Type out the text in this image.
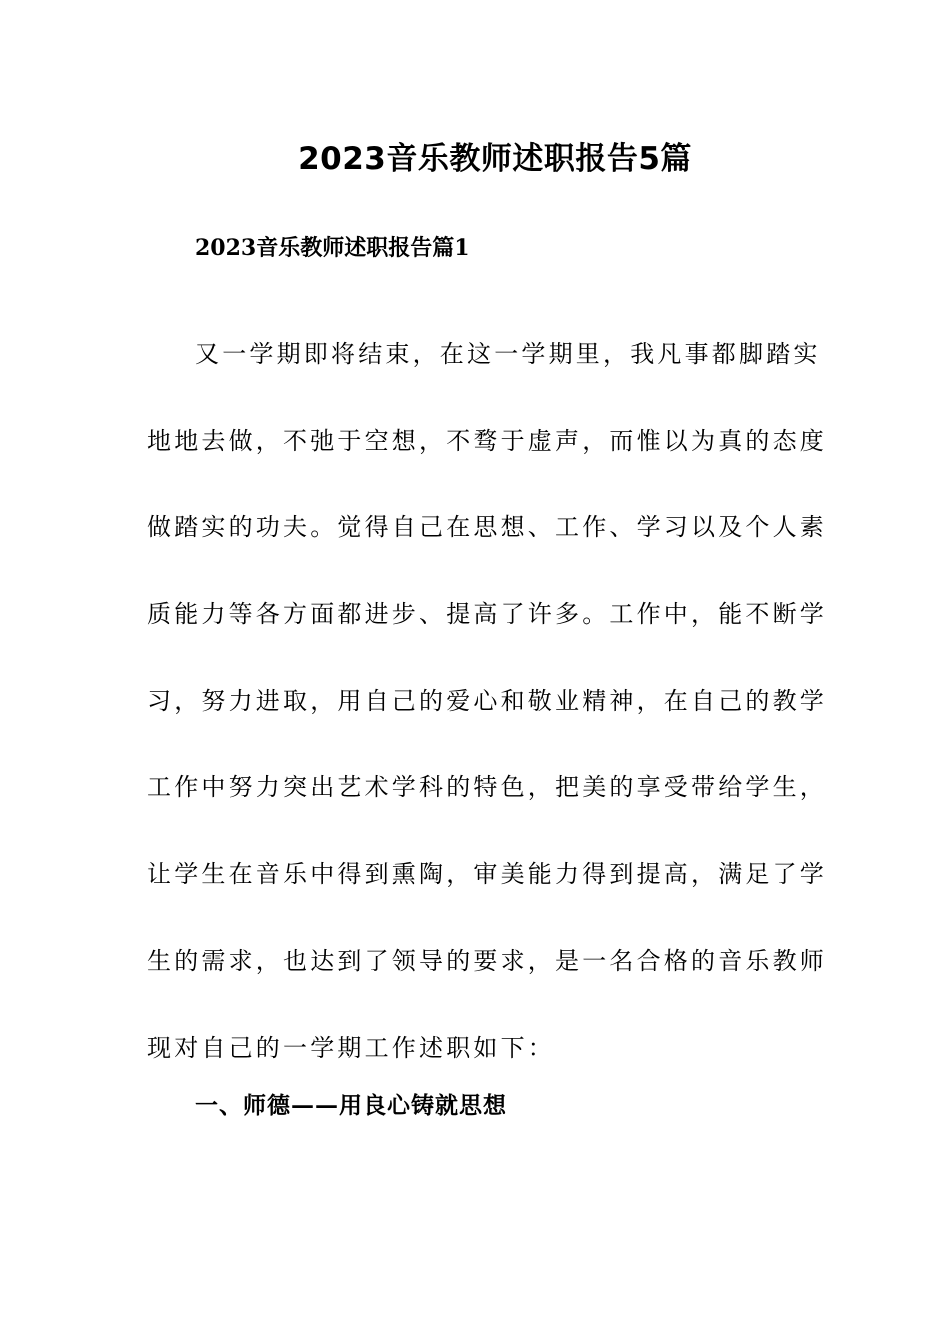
2023音乐教师述职报告5篇
2023音乐教师述职报告篇1
又一学期即将结束，在这一学期里，我凡事都脚踏实
地地去做，不弛于空想，不骛于虚声，而惟以为真的态度
做踏实的功夫。觉得自己在思想、工作、学习以及个人素
质能力等各方面都进步、提高了许多。工作中，能不断学
习，努力进取，用自己的爱心和敬业精神，在自己的教学
工作中努力突出艺术学科的特色，把美的享受带给学生，
让学生在音乐中得到熏陶，审美能力得到提高，满足了学
生的需求，也达到了领导的要求，是一名合格的音乐教师
现对自己的一学期工作述职如下：
一、师德——用良心铸就思想
